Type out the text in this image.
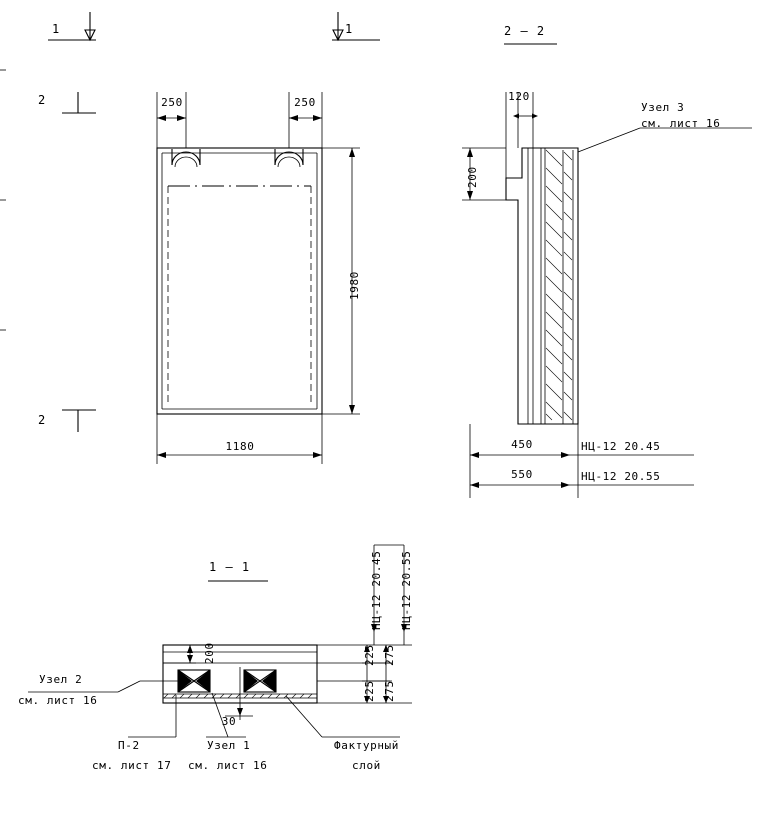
1	1
2
2
2 — 2
1 — 1
250	250
1980
1180
120
200
450
550
Узел 3
см. лист 16
НЦ-12 20.45
НЦ-12 20.55
200
30
225
225
275
275
НЦ-12 20.45 НЦ-12 20.55
Узел 2
см. лист 16
П-2
см. лист 17
Узел 1
см. лист 16
Фактурный
слой
